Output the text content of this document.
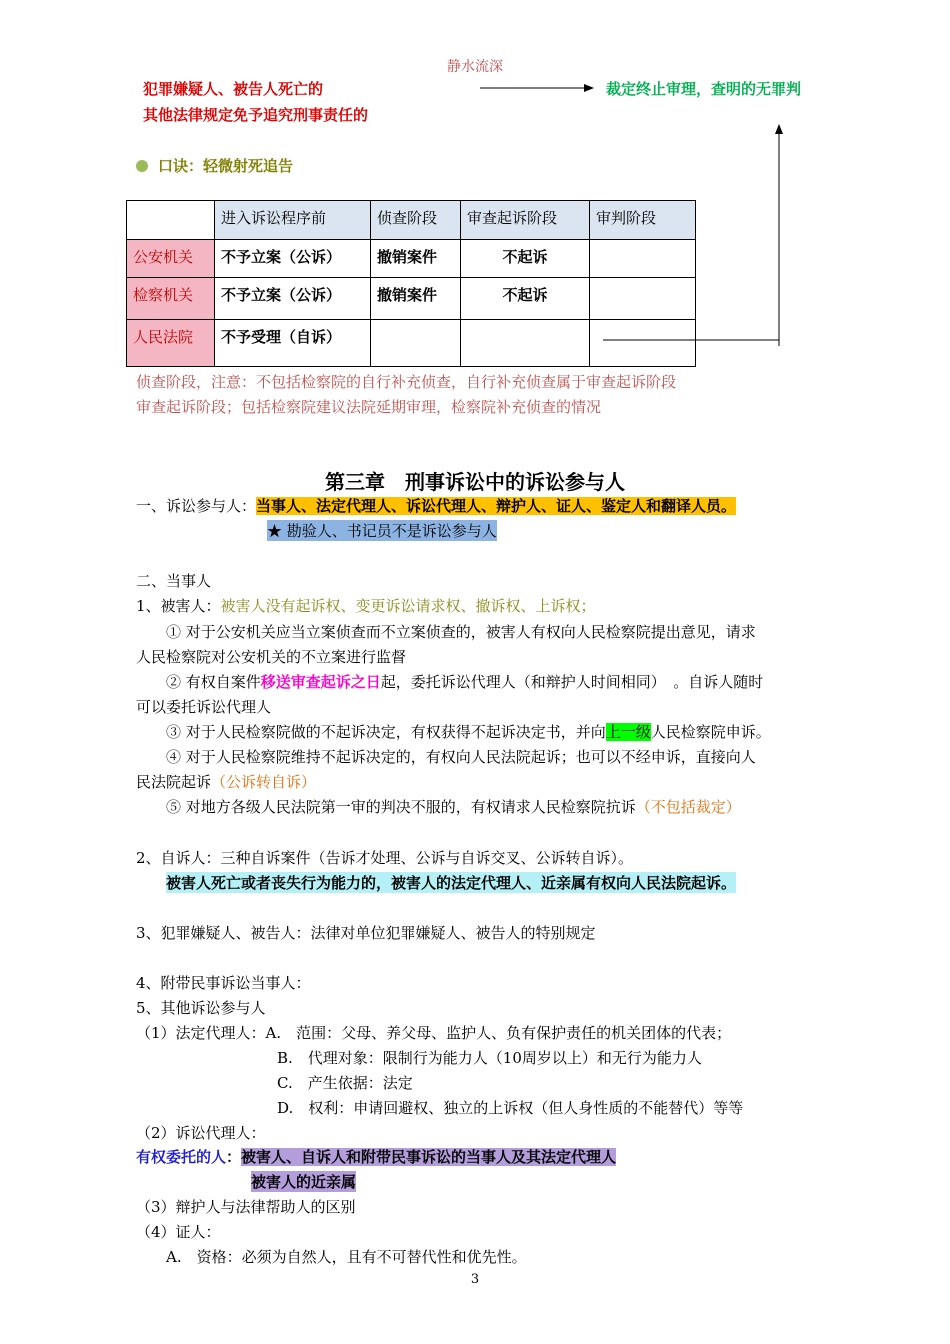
静水流深
犯罪嫌疑人、被告人死亡的
其他法律规定免予追究刑事责任的
裁定终止审理，查明的无罪判
口诀：轻微射死追告
	进入诉讼程序前	侦查阶段	审查起诉阶段	审判阶段
公安机关	不予立案（公诉）	撤销案件	不起诉	
检察机关	不予立案（公诉）	撤销案件	不起诉	
人民法院	不予受理（自诉）			
侦查阶段，注意：不包括检察院的自行补充侦查，自行补充侦查属于审查起诉阶段
审查起诉阶段；包括检察院建议法院延期审理，检察院补充侦查的情况
第三章　刑事诉讼中的诉讼参与人
一、诉讼参与人：当事人、法定代理人、诉讼代理人、辩护人、证人、鉴定人和翻译人员。
★ 勘验人、书记员不是诉讼参与人
二、当事人
1、被害人：被害人没有起诉权、变更诉讼请求权、撤诉权、上诉权；
① 对于公安机关应当立案侦查而不立案侦查的，被害人有权向人民检察院提出意见，请求
人民检察院对公安机关的不立案进行监督
② 有权自案件移送审查起诉之日起，委托诉讼代理人（和辩护人时间相同）　。自诉人随时
可以委托诉讼代理人
③ 对于人民检察院做的不起诉决定，有权获得不起诉决定书，并向上一级人民检察院申诉。
④ 对于人民检察院维持不起诉决定的，有权向人民法院起诉；也可以不经申诉，直接向人
民法院起诉（公诉转自诉）
⑤ 对地方各级人民法院第一审的判决不服的，有权请求人民检察院抗诉（不包括裁定）
2、自诉人：三种自诉案件（告诉才处理、公诉与自诉交叉、公诉转自诉）。
被害人死亡或者丧失行为能力的，被害人的法定代理人、近亲属有权向人民法院起诉。
3、犯罪嫌疑人、被告人：法律对单位犯罪嫌疑人、被告人的特别规定
4、附带民事诉讼当事人：
5、其他诉讼参与人
（1）法定代理人：A.　范围：父母、养父母、监护人、负有保护责任的机关团体的代表；
B.　代理对象：限制行为能力人（10周岁以上）和无行为能力人
C.　产生依据：法定
D.　权利：申请回避权、独立的上诉权（但人身性质的不能替代）等等
（2）诉讼代理人：
有权委托的人：被害人、自诉人和附带民事诉讼的当事人及其法定代理人
被害人的近亲属
（3）辩护人与法律帮助人的区别
（4）证人：
A.　资格：必须为自然人，且有不可替代性和优先性。
3
